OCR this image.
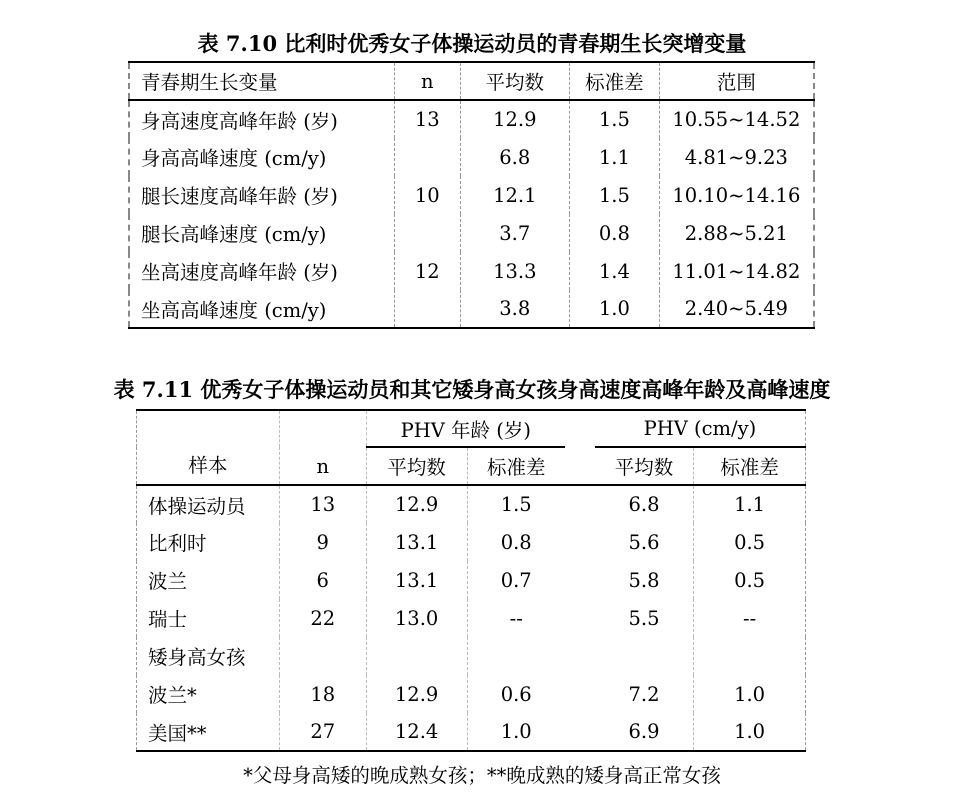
表 7.10 比利时优秀女子体操运动员的青春期生长突增变量
青春期生长变量	n	平均数	标准差	范围
身高速度高峰年龄 (岁)	13	12.9	1.5	10.55~14.52
身高高峰速度 (cm/y)		6.8	1.1	4.81~9.23
腿长速度高峰年龄 (岁)	10	12.1	1.5	10.10~14.16
腿长高峰速度 (cm/y)		3.7	0.8	2.88~5.21
坐高速度高峰年龄 (岁)	12	13.3	1.4	11.01~14.82
坐高高峰速度 (cm/y)		3.8	1.0	2.40~5.49
表 7.11 优秀女子体操运动员和其它矮身高女孩身高速度高峰年龄及高峰速度
样本	n	PHV 年龄 (岁)			PHV (cm/y)	
		平均数	标准差		平均数	标准差
体操运动员	13	12.9	1.5		6.8	1.1
比利时	9	13.1	0.8		5.6	0.5
波兰	6	13.1	0.7		5.8	0.5
瑞士	22	13.0	--		5.5	--
矮身高女孩						
波兰*	18	12.9	0.6		7.2	1.0
美国**	27	12.4	1.0		6.9	1.0
*父母身高矮的晚成熟女孩；**晚成熟的矮身高正常女孩
